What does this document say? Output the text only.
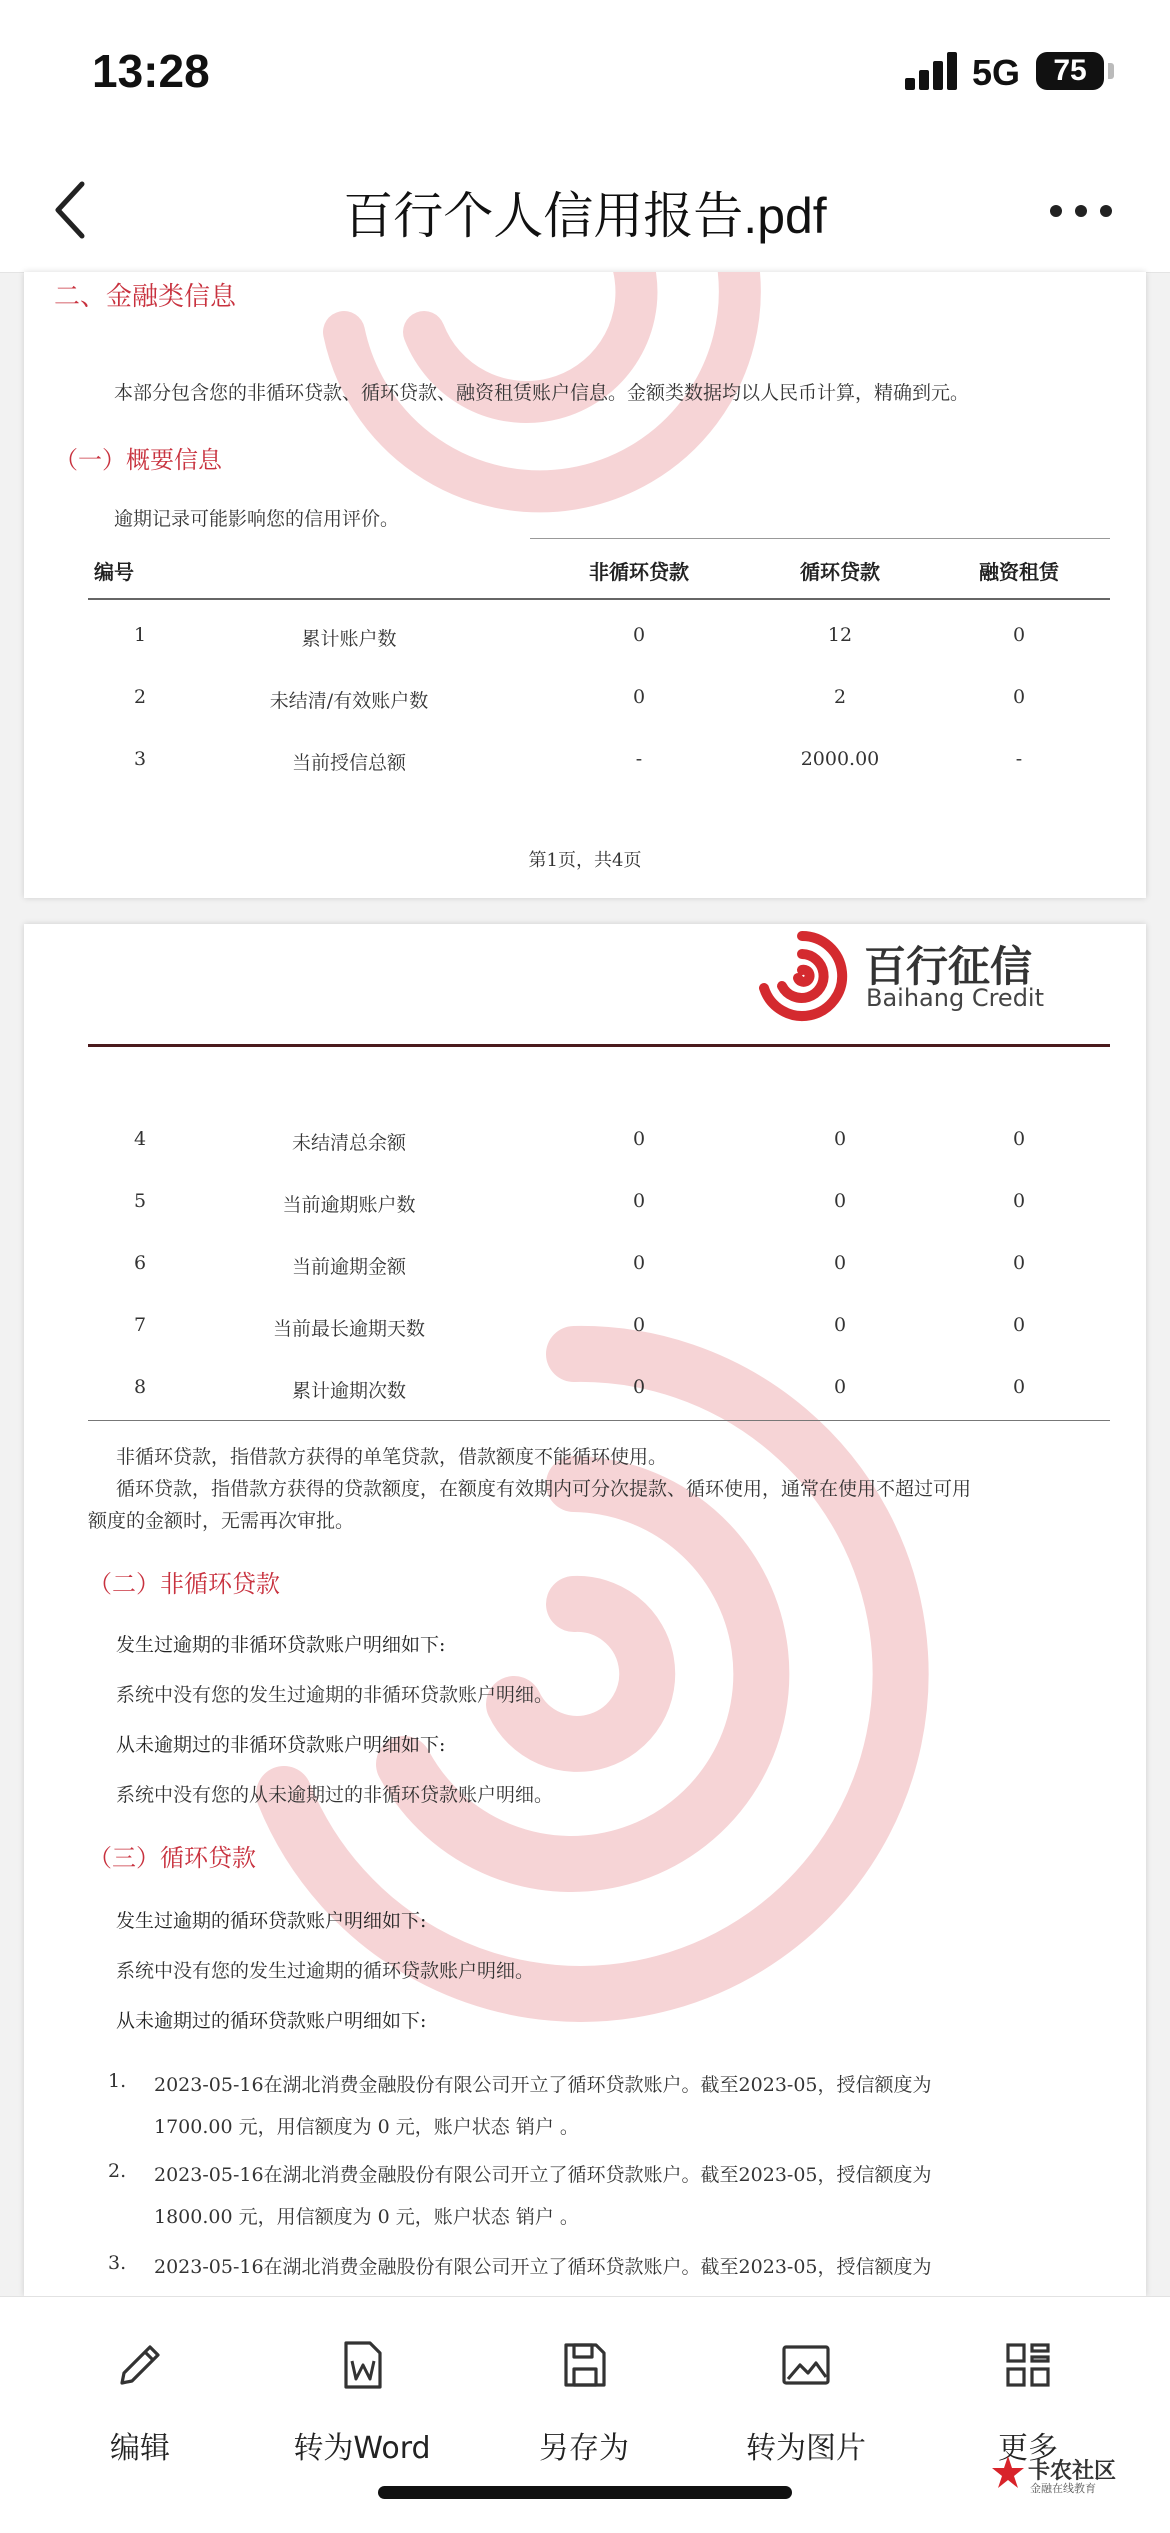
13:28	5G	75
百行个人信用报告.pdf
二、金融类信息
本部分包含您的非循环贷款、循环贷款、融资租赁账户信息。金额类数据均以人民币计算，精确到元。
（一）概要信息
逾期记录可能影响您的信用评价。
编号	非循环贷款	循环贷款	融资租赁
1	累计账户数	0	12	0
2	未结清/有效账户数	0	2	0
3	当前授信总额	-	2000.00	-
第1页，共4页
百行征信
Baihang Credit
4	未结清总余额	0	0	0
5	当前逾期账户数	0	0	0
6	当前逾期金额	0	0	0
7	当前最长逾期天数	0	0	0
8	累计逾期次数	0	0	0
非循环贷款，指借款方获得的单笔贷款，借款额度不能循环使用。
循环贷款，指借款方获得的贷款额度，在额度有效期内可分次提款、循环使用，通常在使用不超过可用
额度的金额时，无需再次审批。
（二）非循环贷款
发生过逾期的非循环贷款账户明细如下:
系统中没有您的发生过逾期的非循环贷款账户明细。
从未逾期过的非循环贷款账户明细如下:
系统中没有您的从未逾期过的非循环贷款账户明细。
（三）循环贷款
发生过逾期的循环贷款账户明细如下:
系统中没有您的发生过逾期的循环贷款账户明细。
从未逾期过的循环贷款账户明细如下:
1. 2023-05-16在湖北消费金融股份有限公司开立了循环贷款账户。截至2023-05，授信额度为
1700.00 元，用信额度为 0 元，账户状态 销户 。
2. 2023-05-16在湖北消费金融股份有限公司开立了循环贷款账户。截至2023-05，授信额度为
1800.00 元，用信额度为 0 元，账户状态 销户 。
3. 2023-05-16在湖北消费金融股份有限公司开立了循环贷款账户。截至2023-05，授信额度为
编辑	转为Word	另存为	转为图片	更多
卡农社区
金融在线教育
